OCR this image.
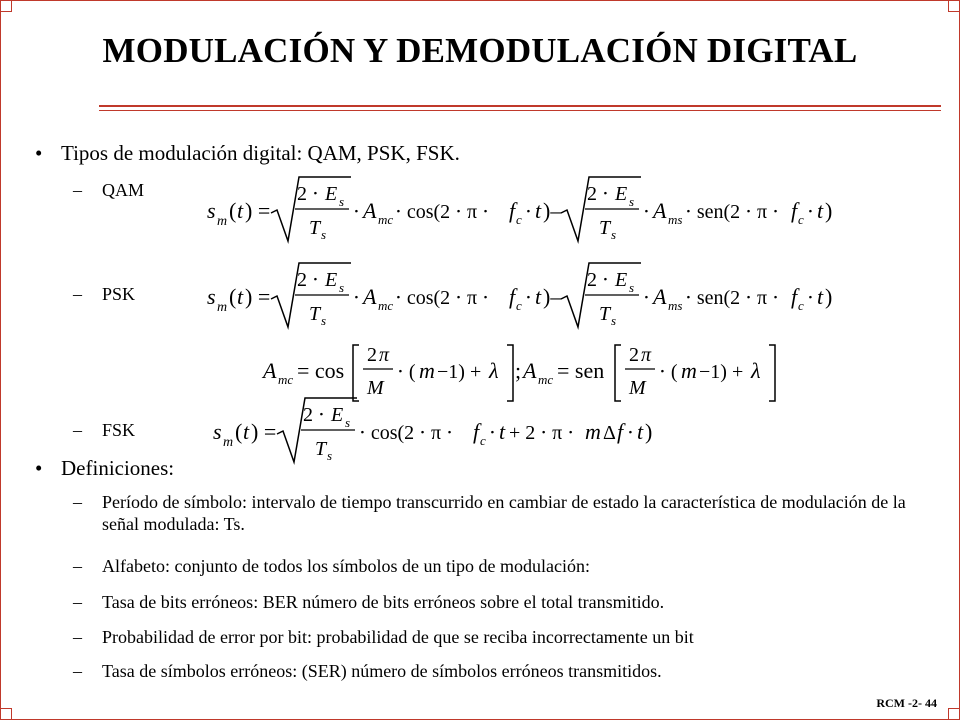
MODULACIÓN Y DEMODULACIÓN DIGITAL
• Tipos de modulación digital: QAM, PSK, FSK.
–	QAM
–	PSK
–	FSK
• Definiciones:
–	Período de símbolo: intervalo de tiempo transcurrido en cambiar de estado la característica de modulación de la señal modulada: Ts.
–	Alfabeto: conjunto de todos los símbolos de un tipo de modulación:
–	Tasa de bits erróneos: BER número de bits erróneos sobre el total transmitido.
–	Probabilidad de error por bit: probabilidad de que se reciba incorrectamente un bit
–	Tasa de símbolos erróneos: (SER) número de símbolos erróneos transmitidos.
s m ( t ) =
2 ⋅ E s
T s
⋅ A mc ⋅ cos(2 ⋅ π ⋅ f c ⋅ t )–
2 ⋅ E s
T s
⋅ A ms ⋅ sen(2 ⋅ π ⋅ f c ⋅ t )
s m ( t ) =
2 ⋅ E s
T s
⋅ A mc ⋅ cos(2 ⋅ π ⋅ f c ⋅ t )–
2 ⋅ E s
T s
⋅ A ms ⋅ sen(2 ⋅ π ⋅ f c ⋅ t )
A mc = cos
2 π
M
⋅ ( m −1) + λ ; A mc = sen
2 π
M
⋅ ( m −1) + λ
s m ( t ) =
2 ⋅ E s
T s
⋅ cos(2 ⋅ π ⋅ f c ⋅ t + 2 ⋅ π ⋅ m Δ f ⋅ t )
RCM -2- 44
